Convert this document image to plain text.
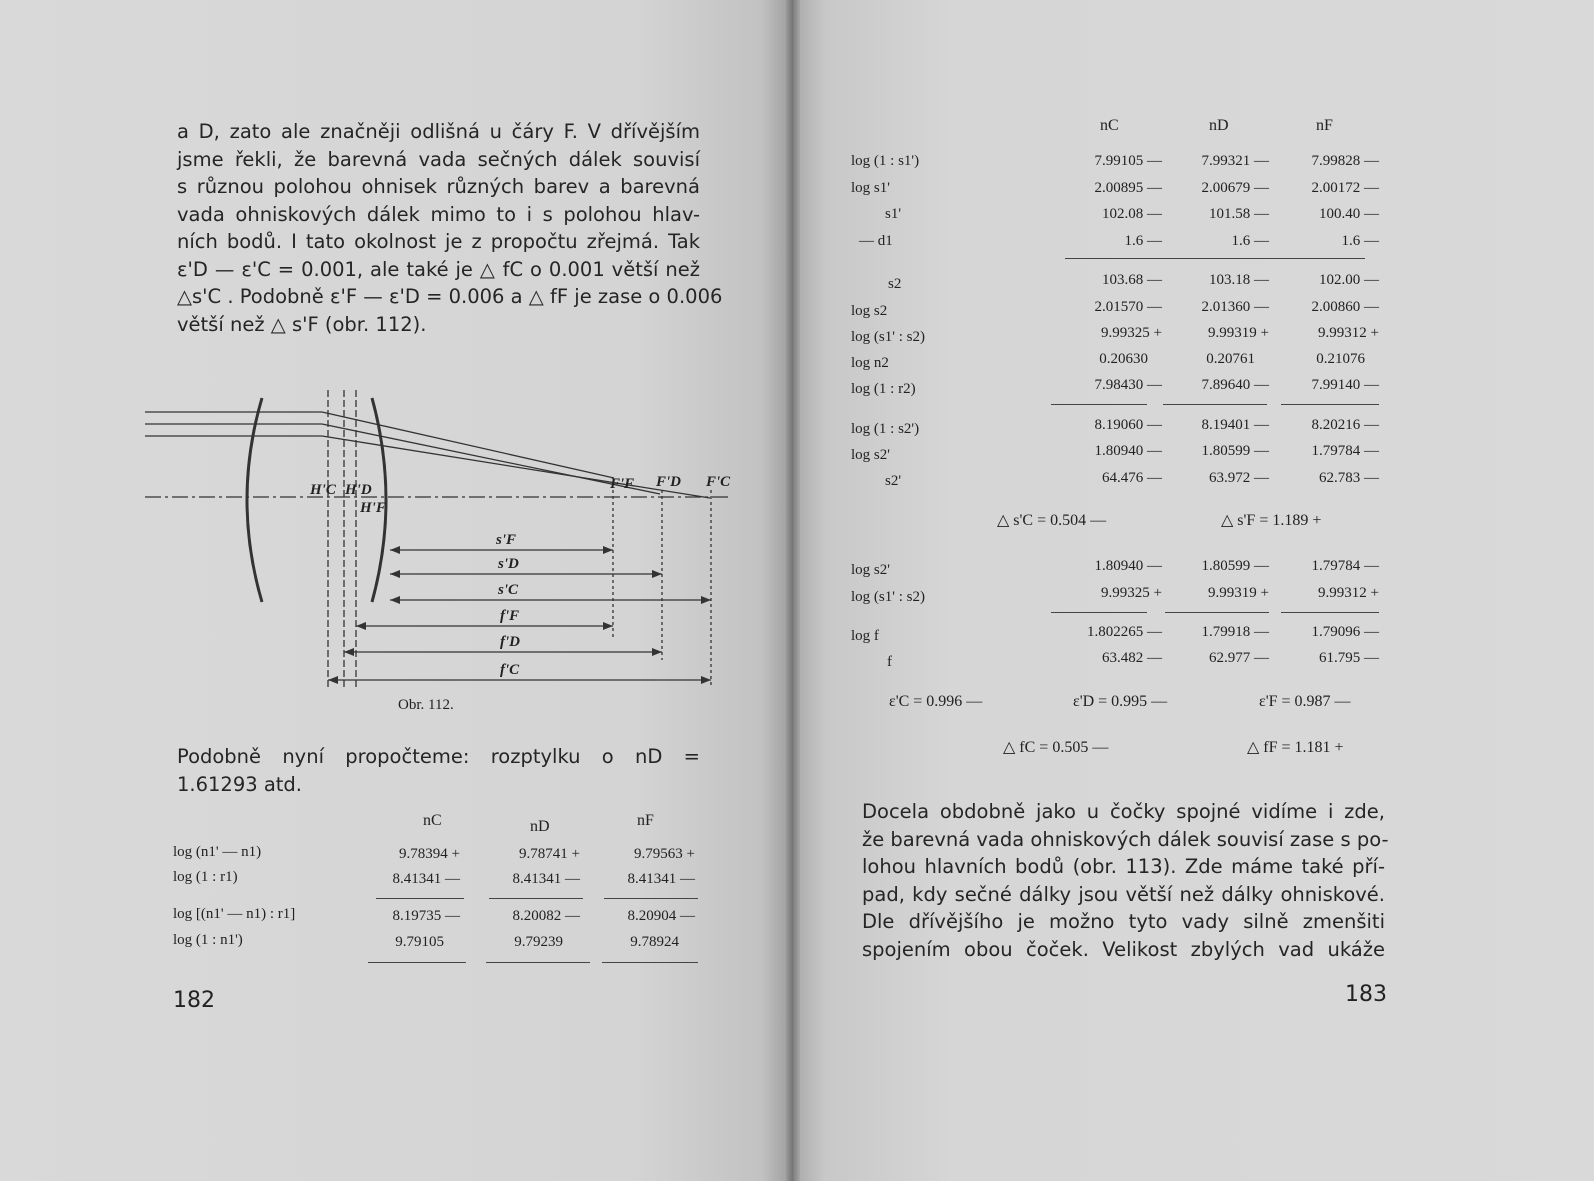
a D, zato ale značněji odlišná u čáry F. V dřívějším
jsme řekli, že barevná vada sečných dálek souvisí
s různou polohou ohnisek různých barev a barevná
vada ohniskových dálek mimo to i s polohou hlav-
ních bodů. I tato okolnost je z propočtu zřejmá. Tak
ε'D — ε'C = 0.001, ale také je △ fC o 0.001 větší než
△s'C . Podobně ε'F — ε'D = 0.006 a △ fF je zase o 0.006
větší než △ s'F (obr. 112).
H'C H'D
H'F
F'F F'D F'C
s'F
s'D
s'C
f'F
f'D
f'C
Obr. 112.
Podobně nyní propočteme: rozptylku o nD =
1.61293 atd.
nC	nD	nF
log (n1' — n1)	9.78394 +	9.78741 +	9.79563 +
log (1 : r1)	8.41341 —	8.41341 —	8.41341 —
log [(n1' — n1) : r1]	8.19735 —	8.20082 —	8.20904 —
log (1 : n1')	9.79105	9.79239	9.78924
182
nC	nD	nF
log (1 : s1')	7.99105 —	7.99321 —	7.99828 —
log s1'	2.00895 —	2.00679 —	2.00172 —
s1'	102.08 —	101.58 —	100.40 —
— d1	1.6 —	1.6 —	1.6 —
s2	103.68 —	103.18 —	102.00 —
log s2	2.01570 —	2.01360 —	2.00860 —
log (s1' : s2)	9.99325 +	9.99319 +	9.99312 +
log n2	0.20630	0.20761	0.21076
log (1 : r2)	7.98430 —	7.89640 —	7.99140 —
log (1 : s2')	8.19060 —	8.19401 —	8.20216 —
log s2'	1.80940 —	1.80599 —	1.79784 —
s2'	64.476 —	63.972 —	62.783 —
△ s'C = 0.504 —	△ s'F = 1.189 +
log s2'	1.80940 —	1.80599 —	1.79784 —
log (s1' : s2)	9.99325 +	9.99319 +	9.99312 +
log f	1.802265 —	1.79918 —	1.79096 —
f	63.482 —	62.977 —	61.795 —
ε'C = 0.996 —	ε'D = 0.995 —	ε'F = 0.987 —
△ fC = 0.505 —	△ fF = 1.181 +
Docela obdobně jako u čočky spojné vidíme i zde,
že barevná vada ohniskových dálek souvisí zase s po-
lohou hlavních bodů (obr. 113). Zde máme také pří-
pad, kdy sečné dálky jsou větší než dálky ohniskové.
Dle dřívějšího je možno tyto vady silně zmenšiti
spojením obou čoček. Velikost zbylých vad ukáže
183
